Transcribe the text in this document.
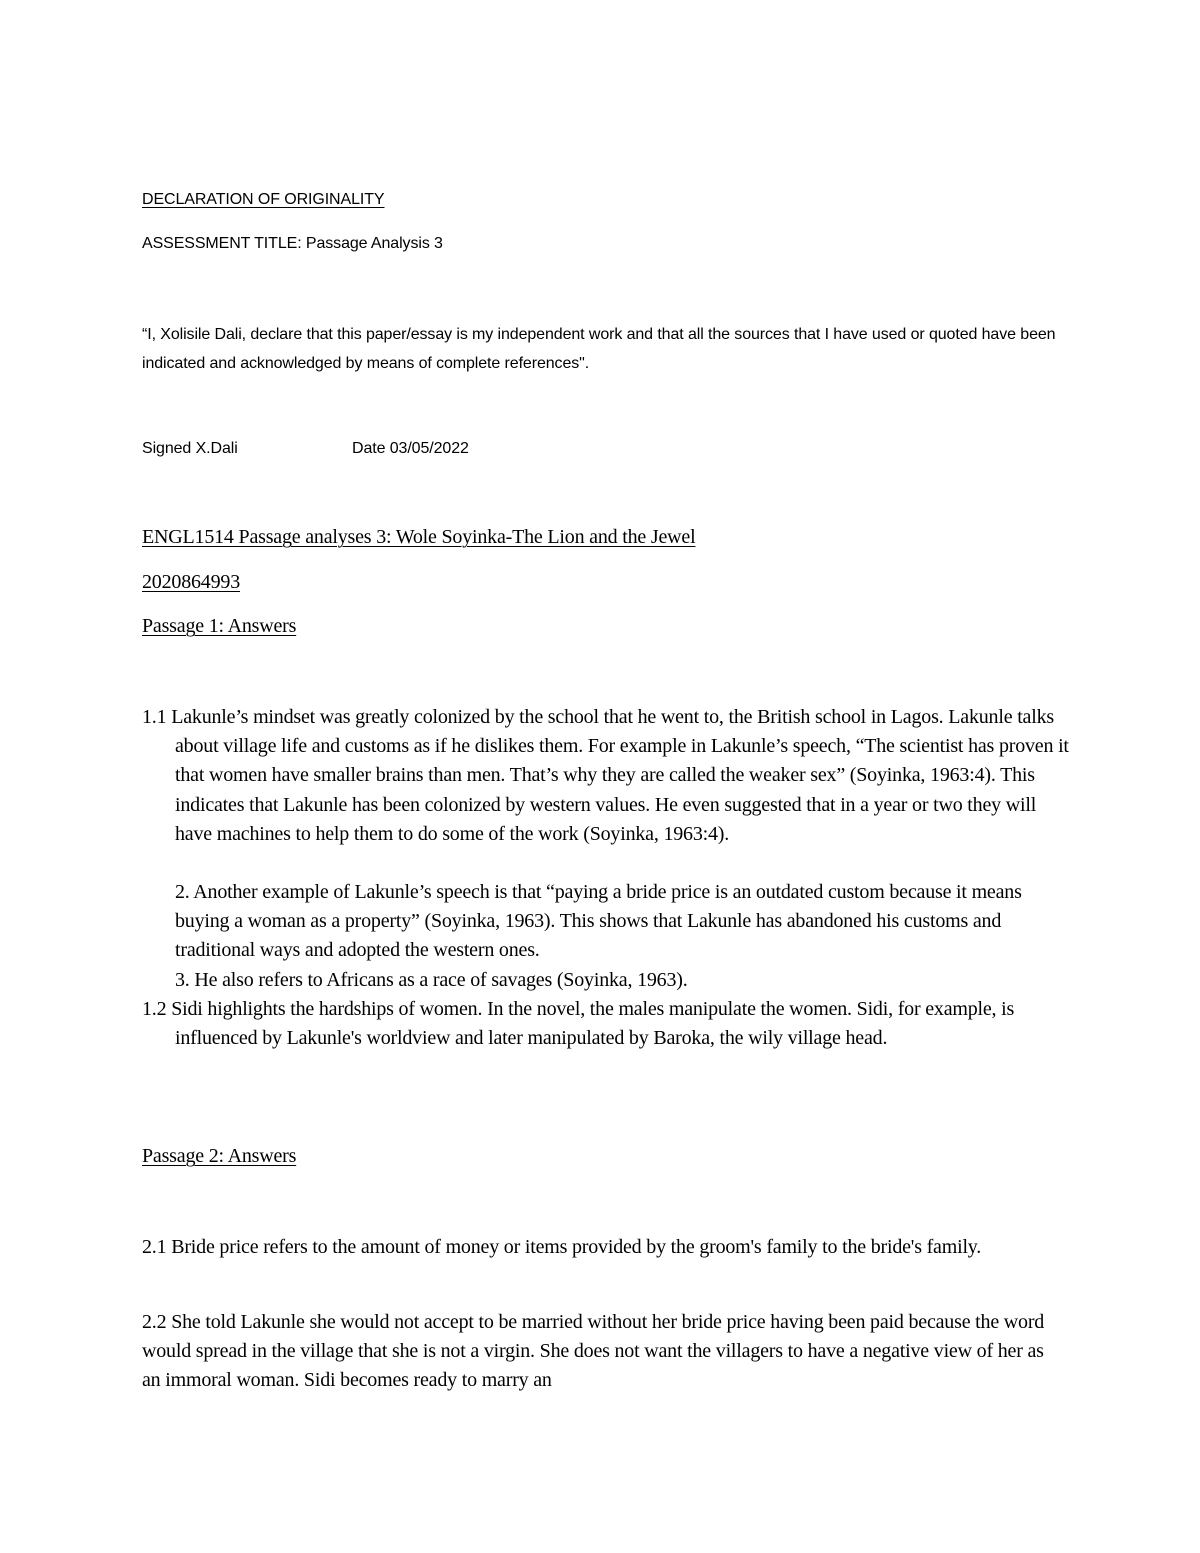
DECLARATION OF ORIGINALITY

ASSESSMENT TITLE: Passage Analysis 3

“I, Xolisile Dali, declare that this paper/essay is my independent work and that all the sources that I have used or quoted have been indicated and acknowledged by means of complete references".

Signed X.Dali	Date 03/05/2022

ENGL1514 Passage analyses 3: Wole Soyinka-The Lion and the Jewel

2020864993

Passage 1: Answers

1.1 Lakunle’s mindset was greatly colonized by the school that he went to, the British school in Lagos. Lakunle talks about village life and customs as if he dislikes them. For example in Lakunle’s speech, “The scientist has proven it that women have smaller brains than men. That’s why they are called the weaker sex” (Soyinka, 1963:4). This indicates that Lakunle has been colonized by western values. He even suggested that in a year or two they will have machines to help them to do some of the work (Soyinka, 1963:4).

2. Another example of Lakunle’s speech is that “paying a bride price is an outdated custom because it means buying a woman as a property” (Soyinka, 1963). This shows that Lakunle has abandoned his customs and traditional ways and adopted the western ones.

3. He also refers to Africans as a race of savages (Soyinka, 1963).

1.2 Sidi highlights the hardships of women. In the novel, the males manipulate the women. Sidi, for example, is influenced by Lakunle's worldview and later manipulated by Baroka, the wily village head.

Passage 2: Answers

2.1 Bride price refers to the amount of money or items provided by the groom's family to the bride's family.

2.2 She told Lakunle she would not accept to be married without her bride price having been paid because the word would spread in the village that she is not a virgin. She does not want the villagers to have a negative view of her as an immoral woman. Sidi becomes ready to marry an
